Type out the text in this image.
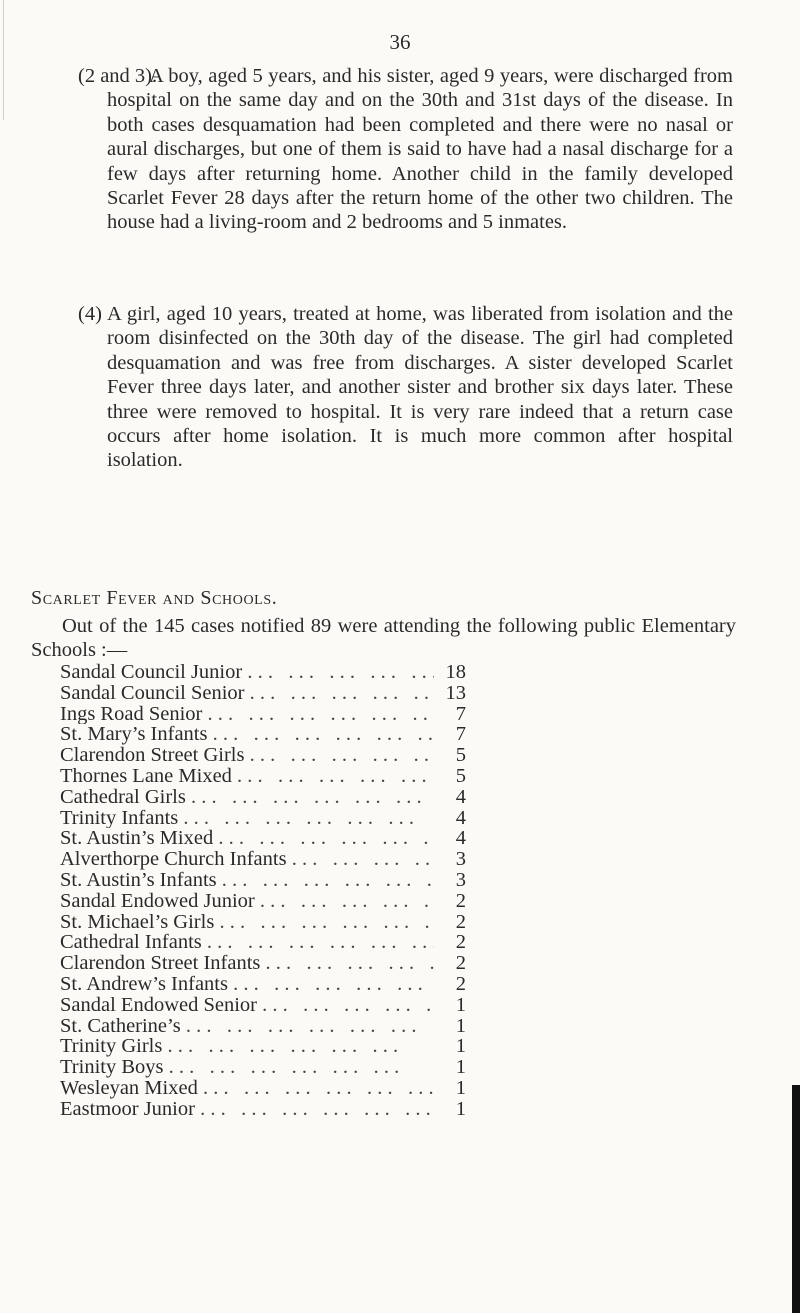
36
(2 and 3).
A boy, aged 5 years, and his sister, aged 9 years, were discharged from hospital on the same day and on the 30th and 31st days of the disease. In both cases desquamation had been completed and there were no nasal or aural discharges, but one of them is said to have had a nasal discharge for a few days after returning home. Another child in the family developed Scarlet Fever 28 days after the return home of the other two children. The house had a living-room and 2 bedrooms and 5 inmates.
(4) A girl, aged 10 years, treated at home, was liberated from isolation and the room disinfected on the 30th day of the disease. The girl had completed desquamation and was free from discharges. A sister developed Scarlet Fever three days later, and another sister and brother six days later. These three were removed to hospital. It is very rare indeed that a return case occurs after home isolation. It is much more common after hospital isolation.
Scarlet Fever and Schools.
Out of the 145 cases notified 89 were attending the following public Elementary Schools :—
Sandal Council Junior . . .	18
Sandal Council Senior . . .	13
Ings Road Senior . . .	7
St. Mary’s Infants . . .	7
Clarendon Street Girls . . .	5
Thornes Lane Mixed . . .	5
Cathedral Girls . . .	4
Trinity Infants . . .	4
St. Austin’s Mixed . . .	4
Alverthorpe Church Infants . . .	3
St. Austin’s Infants . . .	3
Sandal Endowed Junior . . .	2
St. Michael’s Girls . . .	2
Cathedral Infants . . .	2
Clarendon Street Infants . . .	2
St. Andrew’s Infants . . .	2
Sandal Endowed Senior . . .	1
St. Catherine’s . . .	1
Trinity Girls . . .	1
Trinity Boys . . .	1
Wesleyan Mixed . . .	1
Eastmoor Junior . . .	1
